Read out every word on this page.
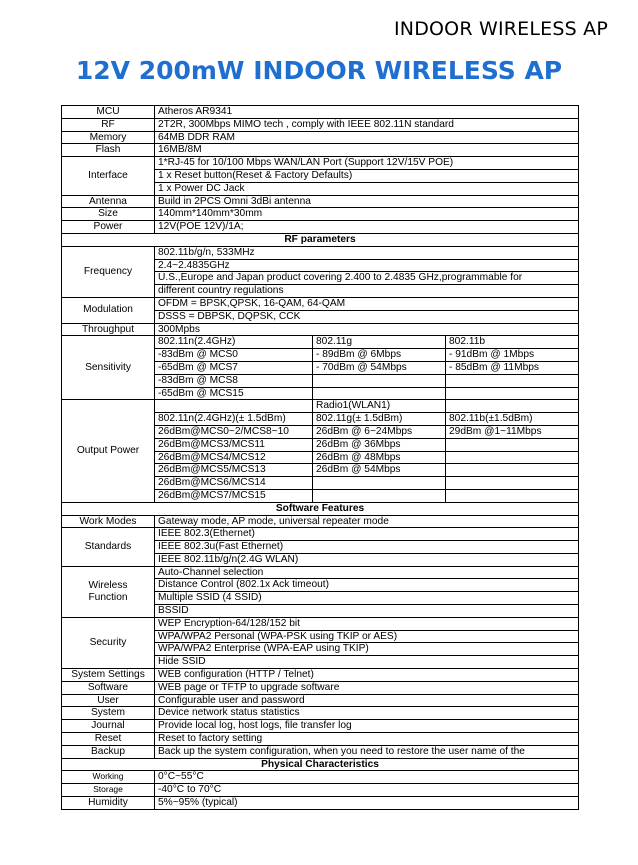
INDOOR WIRELESS AP
12V 200mW INDOOR WIRELESS AP
MCU	Atheros AR9341		
RF	2T2R, 300Mbps MIMO tech , comply with IEEE 802.11N standard		
Memory	64MB DDR RAM		
Flash	16MB/8M		
Interface	1*RJ-45 for 10/100 Mbps WAN/LAN Port (Support 12V/15V POE)		
	1 x Reset button(Reset & Factory Defaults)		
	1 x Power DC Jack		
Antenna	Build in 2PCS Omni 3dBi antenna		
Size	140mm*140mm*30mm		
Power	12V(POE 12V)/1A;		
RF parameters			
Frequency	802.11b/g/n, 533MHz		
	2.4~2.4835GHz		
	U.S.,Europe and Japan product covering 2.400 to 2.4835 GHz,programmable for		
	different country regulations		
Modulation	OFDM = BPSK,QPSK, 16-QAM, 64-QAM		
	DSSS = DBPSK, DQPSK, CCK		
Throughput	300Mpbs		
Sensitivity	802.11n(2.4GHz)	802.11g	802.11b
	-83dBm @ MCS0	- 89dBm @ 6Mbps	- 91dBm @ 1Mbps
	-65dBm @ MCS7	- 70dBm @ 54Mbps	- 85dBm @ 11Mbps
	-83dBm @ MCS8		
	-65dBm @ MCS15		
Output Power		Radio1(WLAN1)	
	802.11n(2.4GHz)(± 1.5dBm)	802.11g(± 1.5dBm)	802.11b(±1.5dBm)
	26dBm@MCS0~2/MCS8~10	26dBm @ 6~24Mbps	29dBm @1~11Mbps
	26dBm@MCS3/MCS11	26dBm @ 36Mbps	
	26dBm@MCS4/MCS12	26dBm @ 48Mbps	
	26dBm@MCS5/MCS13	26dBm @ 54Mbps	
	26dBm@MCS6/MCS14		
	26dBm@MCS7/MCS15		
Software Features			
Work Modes	Gateway mode, AP mode, universal repeater mode		
Standards	IEEE 802.3(Ethernet)		
	IEEE 802.3u(Fast Ethernet)		
	IEEE 802.11b/g/n(2.4G WLAN)		

Wireless
Function	Auto-Channel selection		
	Distance Control (802.1x Ack timeout)		
	Multiple SSID (4 SSID)		
	BSSID		
Security	WEP Encryption-64/128/152 bit		
	WPA/WPA2 Personal (WPA-PSK using TKIP or AES)		
	WPA/WPA2 Enterprise (WPA-EAP using TKIP)		
	Hide SSID		
System Settings	WEB configuration (HTTP / Telnet)		
Software	WEB page or TFTP to upgrade software		
User	Configurable user and password		
System	Device network status statistics		
Journal	Provide local log, host logs, file transfer log		
Reset	Reset to factory setting		
Backup	Back up the system configuration, when you need to restore the user name of the		
Physical Characteristics			
Working	0°C~55°C		
Storage	-40°C to 70°C		
Humidity	5%~95% (typical)		
